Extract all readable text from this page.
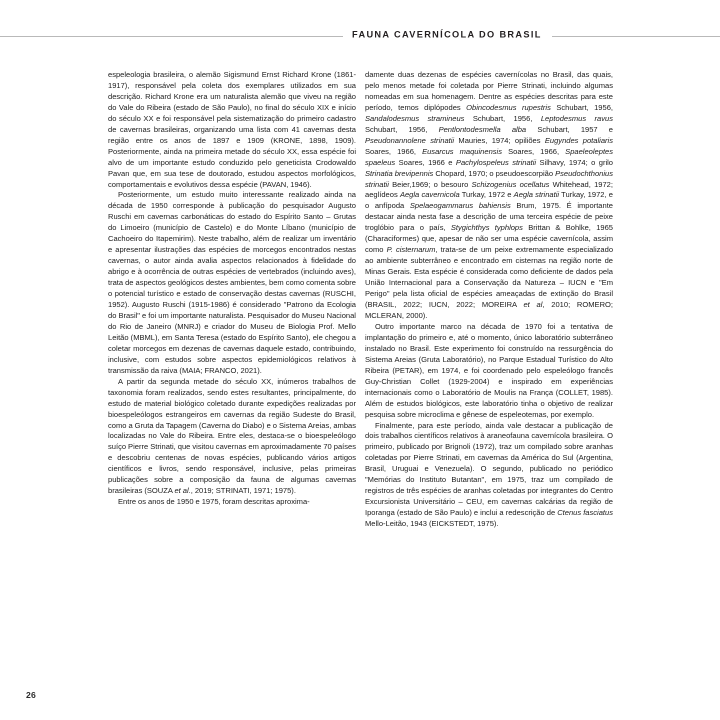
FAUNA CAVERNÍCOLA DO BRASIL

espeleologia brasileira, o alemão Sigismund Ernst Richard Krone (1861-1917), responsável pela coleta dos exemplares utilizados em sua descrição. Richard Krone era um naturalista alemão que viveu na região do Vale do Ribeira (estado de São Paulo), no final do século XIX e início do século XX e foi responsável pela sistematização do primeiro cadastro de cavernas brasileiras, organizando uma lista com 41 cavernas desta região entre os anos de 1897 e 1909 (KRONE, 1898, 1909). Posteriormente, ainda na primeira metade do século XX, essa espécie foi alvo de um importante estudo conduzido pelo geneticista Crodowaldo Pavan que, em sua tese de doutorado, estudou aspectos morfológicos, comportamentais e evolutivos dessa espécie (PAVAN, 1946).

Posteriormente, um estudo muito interessante realizado ainda na década de 1950 corresponde à publicação do pesquisador Augusto Ruschi em cavernas carbonáticas do estado do Espírito Santo – Grutas do Limoeiro (município de Castelo) e do Monte Líbano (município de Cachoeiro do Itapemirim). Neste trabalho, além de realizar um inventário e apresentar ilustrações das espécies de morcegos encontrados nestas cavernas, o autor ainda avalia aspectos relacionados à fidelidade do abrigo e à ocorrência de outras espécies de vertebrados (incluindo aves), trata de aspectos geológicos destes ambientes, bem como comenta sobre o potencial turístico e estado de conservação destas cavernas (RUSCHI, 1952). Augusto Ruschi (1915-1986) é considerado "Patrono da Ecologia do Brasil" e foi um importante naturalista. Pesquisador do Museu Nacional do Rio de Janeiro (MNRJ) e criador do Museu de Biologia Prof. Mello Leitão (MBML), em Santa Teresa (estado do Espírito Santo), ele chegou a coletar morcegos em dezenas de cavernas daquele estado, contribuindo, inclusive, com estudos sobre aspectos epidemiológicos relativos à transmissão da raiva (MAIA; FRANCO, 2021).

A partir da segunda metade do século XX, inúmeros trabalhos de taxonomia foram realizados, sendo estes resultantes, principalmente, do estudo de material biológico coletado durante expedições realizadas por bioespeleólogos estrangeiros em cavernas da região Sudeste do Brasil, como a Gruta da Tapagem (Caverna do Diabo) e o Sistema Areias, ambas localizadas no Vale do Ribeira. Entre eles, destaca-se o bioespeleólogo suíço Pierre Strinati, que visitou cavernas em aproximadamente 70 países e descobriu centenas de novas espécies, publicando vários artigos científicos e livros, sendo responsável, inclusive, pelas primeiras publicações sobre a composição da fauna de algumas cavernas brasileiras (SOUZA et al., 2019; STRINATI, 1971; 1975).

Entre os anos de 1950 e 1975, foram descritas aproxima-

damente duas dezenas de espécies cavernícolas no Brasil, das quais, pelo menos metade foi coletada por Pierre Strinati, incluindo algumas nomeadas em sua homenagem. Dentre as espécies descritas para este período, temos diplópodes Obincodesmus rupestris Schubart, 1956, Sandalodesmus stramineus Schubart, 1956, Leptodesmus ravus Schubart, 1956, Pentlontodesmella alba Schubart, 1957 e Pseudonannolene strinatii Mauries, 1974; opiliões Eugyndes potaliaris Soares, 1966, Eusarcus maquinensis Soares, 1966, Spaeleoleptes spaeleus Soares, 1966 e Pachylospeleus strinatii Silhavy, 1974; o grilo Strinatia brevipennis Chopard, 1970; o pseudoescorpião Pseudochthonius strinatii Beier,1969; o besouro Schizogenius ocellatus Whitehead, 1972; aeglídeos Aegla cavernicola Turkay, 1972 e Aegla strinatii Turkay, 1972, e o anfípoda Spelaeogammarus bahiensis Brum, 1975. É importante destacar ainda nesta fase a descrição de uma terceira espécie de peixe troglóbio para o país, Stygichthys typhlops Brittan & Bohlke, 1965 (Characiformes) que, apesar de não ser uma espécie cavernícola, assim como P. cisternarum, trata-se de um peixe extremamente especializado ao ambiente subterrâneo e encontrado em cisternas na região norte de Minas Gerais. Esta espécie é considerada como deficiente de dados pela União Internacional para a Conservação da Natureza – IUCN e "Em Perigo" pela lista oficial de espécies ameaçadas de extinção do Brasil (BRASIL, 2022; IUCN, 2022; MOREIRA et al, 2010; ROMERO; MCLERAN, 2000).

Outro importante marco na década de 1970 foi a tentativa de implantação do primeiro e, até o momento, único laboratório subterrâneo instalado no Brasil. Este experimento foi construído na ressurgência do Sistema Areias (Gruta Laboratório), no Parque Estadual Turístico do Alto Ribeira (PETAR), em 1974, e foi coordenado pelo espeleólogo francês Guy-Christian Collet (1929-2004) e inspirado em experiências internacionais como o Laboratório de Moulis na França (COLLET, 1985). Além de estudos biológicos, este laboratório tinha o objetivo de realizar pesquisa sobre microclima e gênese de espeleotemas, por exemplo.

Finalmente, para este período, ainda vale destacar a publicação de dois trabalhos científicos relativos à araneofauna cavernícola brasileira. O primeiro, publicado por Brignoli (1972), traz um compilado sobre aranhas coletadas por Pierre Strinati, em cavernas da América do Sul (Argentina, Brasil, Uruguai e Venezuela). O segundo, publicado no periódico "Memórias do Instituto Butantan", em 1975, traz um compilado de registros de três espécies de aranhas coletadas por integrantes do Centro Excursionista Universitário – CEU, em cavernas calcárias da região de Iporanga (estado de São Paulo) e inclui a redescrição de Ctenus fasciatus Mello-Leitão, 1943 (EICKSTEDT, 1975).

26
